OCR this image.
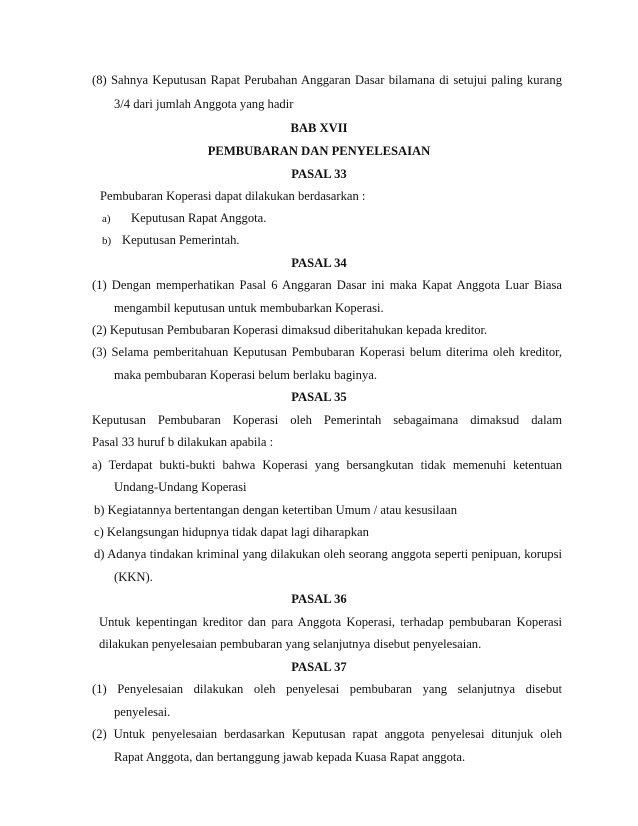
(8) Sahnya Keputusan Rapat Perubahan Anggaran Dasar bilamana di setujui paling kurang
3/4 dari jumlah Anggota yang hadir
BAB XVII
PEMBUBARAN DAN PENYELESAIAN
PASAL 33
Pembubaran Koperasi dapat dilakukan berdasarkan :
a) Keputusan Rapat Anggota.
b) Keputusan Pemerintah.
PASAL 34
(1) Dengan memperhatikan Pasal 6 Anggaran Dasar ini maka Kapat Anggota Luar Biasa
mengambil keputusan untuk membubarkan Koperasi.
(2) Keputusan Pembubaran Koperasi dimaksud diberitahukan kepada kreditor.
(3) Selama pemberitahuan Keputusan Pembubaran Koperasi belum diterima oleh kreditor,
maka pembubaran Koperasi belum berlaku baginya.
PASAL 35
Keputusan Pembubaran Koperasi oleh Pemerintah sebagaimana dimaksud dalam
Pasal 33 huruf b dilakukan apabila :
a) Terdapat bukti-bukti bahwa Koperasi yang bersangkutan tidak memenuhi ketentuan
Undang-Undang Koperasi
b) Kegiatannya bertentangan dengan ketertiban Umum / atau kesusilaan
c) Kelangsungan hidupnya tidak dapat lagi diharapkan
d) Adanya tindakan kriminal yang dilakukan oleh seorang anggota seperti penipuan, korupsi
(KKN).
PASAL 36
Untuk kepentingan kreditor dan para Anggota Koperasi, terhadap pembubaran Koperasi
dilakukan penyelesaian pembubaran yang selanjutnya disebut penyelesaian.
PASAL 37
(1) Penyelesaian dilakukan oleh penyelesai pembubaran yang selanjutnya disebut
penyelesai.
(2) Untuk penyelesaian berdasarkan Keputusan rapat anggota penyelesai ditunjuk oleh
Rapat Anggota, dan bertanggung jawab kepada Kuasa Rapat anggota.
